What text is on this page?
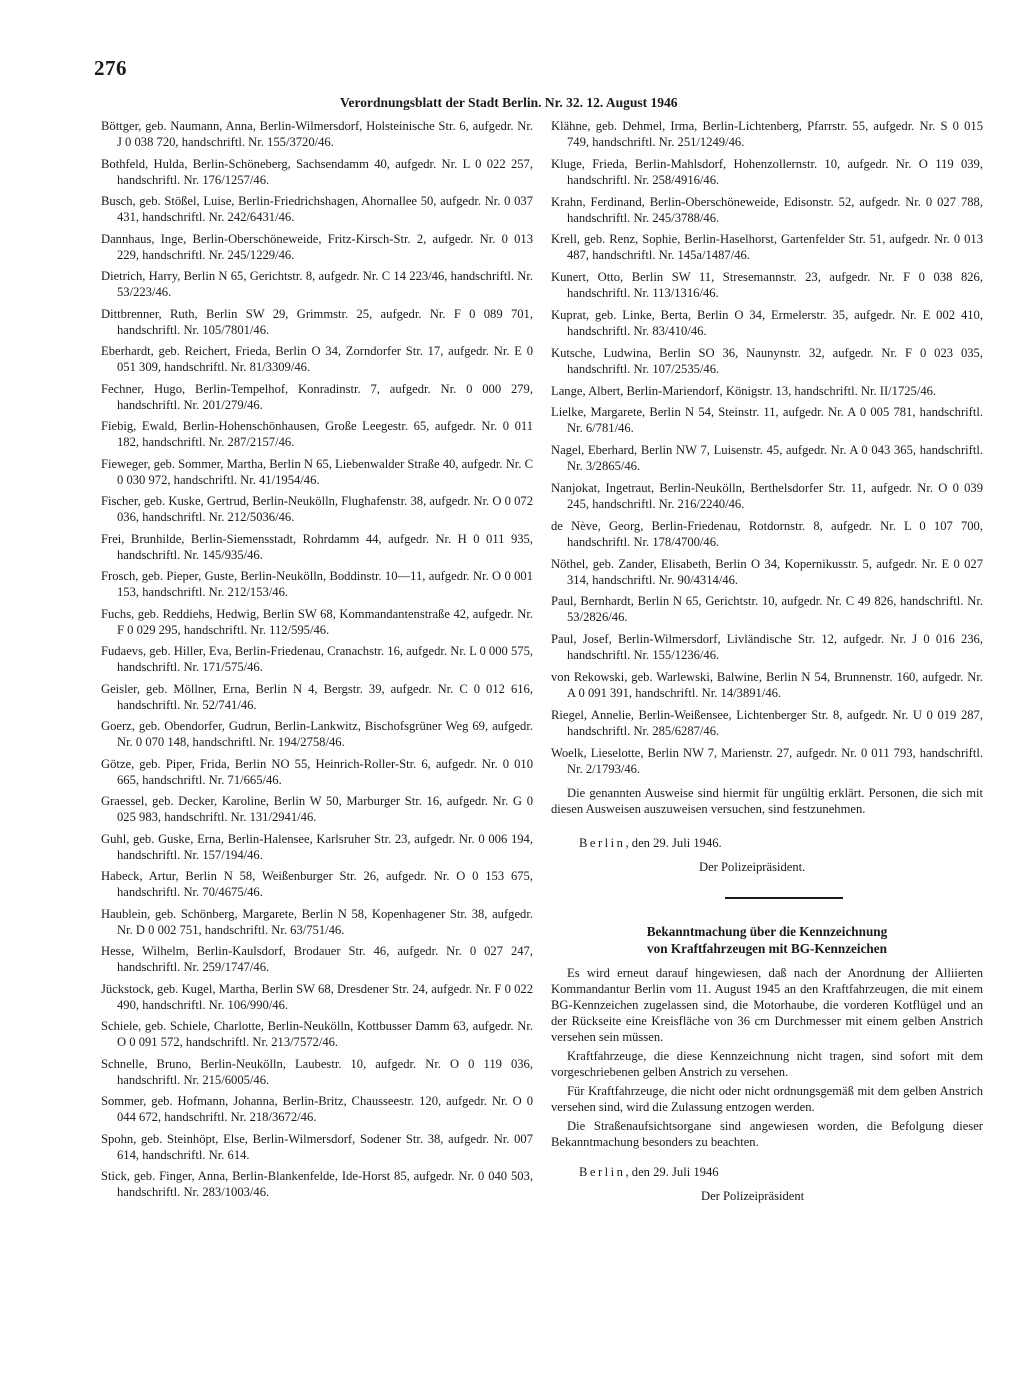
276
Verordnungsblatt der Stadt Berlin. Nr. 32. 12. August 1946

Böttger, geb. Naumann, Anna, Berlin-Wilmersdorf, Holsteinische Str. 6, aufgedr. Nr. J 0 038 720, handschriftl. Nr. 155/3720/46.

Bothfeld, Hulda, Berlin-Schöneberg, Sachsendamm 40, aufgedr. Nr. L 0 022 257, handschriftl. Nr. 176/1257/46.

Busch, geb. Stößel, Luise, Berlin-Friedrichshagen, Ahornallee 50, aufgedr. Nr. 0 037 431, handschriftl. Nr. 242/6431/46.

Dannhaus, Inge, Berlin-Oberschöneweide, Fritz-Kirsch-Str. 2, aufgedr. Nr. 0 013 229, handschriftl. Nr. 245/1229/46.

Dietrich, Harry, Berlin N 65, Gerichtstr. 8, aufgedr. Nr. C 14 223/46, handschriftl. Nr. 53/223/46.

Dittbrenner, Ruth, Berlin SW 29, Grimmstr. 25, aufgedr. Nr. F 0 089 701, handschriftl. Nr. 105/7801/46.

Eberhardt, geb. Reichert, Frieda, Berlin O 34, Zorndorfer Str. 17, aufgedr. Nr. E 0 051 309, handschriftl. Nr. 81/3309/46.

Fechner, Hugo, Berlin-Tempelhof, Konradinstr. 7, aufgedr. Nr. 0 000 279, handschriftl. Nr. 201/279/46.

Fiebig, Ewald, Berlin-Hohenschönhausen, Große Leegestr. 65, aufgedr. Nr. 0 011 182, handschriftl. Nr. 287/2157/46.

Fieweger, geb. Sommer, Martha, Berlin N 65, Liebenwalder Straße 40, aufgedr. Nr. C 0 030 972, handschriftl. Nr. 41/1954/46.

Fischer, geb. Kuske, Gertrud, Berlin-Neukölln, Flughafenstr. 38, aufgedr. Nr. O 0 072 036, handschriftl. Nr. 212/5036/46.

Frei, Brunhilde, Berlin-Siemensstadt, Rohrdamm 44, aufgedr. Nr. H 0 011 935, handschriftl. Nr. 145/935/46.

Frosch, geb. Pieper, Guste, Berlin-Neukölln, Boddinstr. 10—11, aufgedr. Nr. O 0 001 153, handschriftl. Nr. 212/153/46.

Fuchs, geb. Reddiehs, Hedwig, Berlin SW 68, Kommandantenstraße 42, aufgedr. Nr. F 0 029 295, handschriftl. Nr. 112/595/46.

Fudaevs, geb. Hiller, Eva, Berlin-Friedenau, Cranachstr. 16, aufgedr. Nr. L 0 000 575, handschriftl. Nr. 171/575/46.

Geisler, geb. Möllner, Erna, Berlin N 4, Bergstr. 39, aufgedr. Nr. C 0 012 616, handschriftl. Nr. 52/741/46.

Goerz, geb. Obendorfer, Gudrun, Berlin-Lankwitz, Bischofsgrüner Weg 69, aufgedr. Nr. 0 070 148, handschriftl. Nr. 194/2758/46.

Götze, geb. Piper, Frida, Berlin NO 55, Heinrich-Roller-Str. 6, aufgedr. Nr. 0 010 665, handschriftl. Nr. 71/665/46.

Graessel, geb. Decker, Karoline, Berlin W 50, Marburger Str. 16, aufgedr. Nr. G 0 025 983, handschriftl. Nr. 131/2941/46.

Guhl, geb. Guske, Erna, Berlin-Halensee, Karlsruher Str. 23, aufgedr. Nr. 0 006 194, handschriftl. Nr. 157/194/46.

Habeck, Artur, Berlin N 58, Weißenburger Str. 26, aufgedr. Nr. O 0 153 675, handschriftl. Nr. 70/4675/46.

Haublein, geb. Schönberg, Margarete, Berlin N 58, Kopenhagener Str. 38, aufgedr. Nr. D 0 002 751, handschriftl. Nr. 63/751/46.

Hesse, Wilhelm, Berlin-Kaulsdorf, Brodauer Str. 46, aufgedr. Nr. 0 027 247, handschriftl. Nr. 259/1747/46.

Jückstock, geb. Kugel, Martha, Berlin SW 68, Dresdener Str. 24, aufgedr. Nr. F 0 022 490, handschriftl. Nr. 106/990/46.

Schiele, geb. Schiele, Charlotte, Berlin-Neukölln, Kottbusser Damm 63, aufgedr. Nr. O 0 091 572, handschriftl. Nr. 213/7572/46.

Schnelle, Bruno, Berlin-Neukölln, Laubestr. 10, aufgedr. Nr. O 0 119 036, handschriftl. Nr. 215/6005/46.

Sommer, geb. Hofmann, Johanna, Berlin-Britz, Chausseestr. 120, aufgedr. Nr. O 0 044 672, handschriftl. Nr. 218/3672/46.

Spohn, geb. Steinhöpt, Else, Berlin-Wilmersdorf, Sodener Str. 38, aufgedr. Nr. 007 614, handschriftl. Nr. 614.

Stick, geb. Finger, Anna, Berlin-Blankenfelde, Ide-Horst 85, aufgedr. Nr. 0 040 503, handschriftl. Nr. 283/1003/46.

Klähne, geb. Dehmel, Irma, Berlin-Lichtenberg, Pfarrstr. 55, aufgedr. Nr. S 0 015 749, handschriftl. Nr. 251/1249/46.

Kluge, Frieda, Berlin-Mahlsdorf, Hohenzollernstr. 10, aufgedr. Nr. O 119 039, handschriftl. Nr. 258/4916/46.

Krahn, Ferdinand, Berlin-Oberschöneweide, Edisonstr. 52, aufgedr. Nr. 0 027 788, handschriftl. Nr. 245/3788/46.

Krell, geb. Renz, Sophie, Berlin-Haselhorst, Gartenfelder Str. 51, aufgedr. Nr. 0 013 487, handschriftl. Nr. 145a/1487/46.

Kunert, Otto, Berlin SW 11, Stresemannstr. 23, aufgedr. Nr. F 0 038 826, handschriftl. Nr. 113/1316/46.

Kuprat, geb. Linke, Berta, Berlin O 34, Ermelerstr. 35, aufgedr. Nr. E 002 410, handschriftl. Nr. 83/410/46.

Kutsche, Ludwina, Berlin SO 36, Naunynstr. 32, aufgedr. Nr. F 0 023 035, handschriftl. Nr. 107/2535/46.

Lange, Albert, Berlin-Mariendorf, Königstr. 13, handschriftl. Nr. II/1725/46.

Lielke, Margarete, Berlin N 54, Steinstr. 11, aufgedr. Nr. A 0 005 781, handschriftl. Nr. 6/781/46.

Nagel, Eberhard, Berlin NW 7, Luisenstr. 45, aufgedr. Nr. A 0 043 365, handschriftl. Nr. 3/2865/46.

Nanjokat, Ingetraut, Berlin-Neukölln, Berthelsdorfer Str. 11, aufgedr. Nr. O 0 039 245, handschriftl. Nr. 216/2240/46.

de Nève, Georg, Berlin-Friedenau, Rotdornstr. 8, aufgedr. Nr. L 0 107 700, handschriftl. Nr. 178/4700/46.

Nöthel, geb. Zander, Elisabeth, Berlin O 34, Kopernikusstr. 5, aufgedr. Nr. E 0 027 314, handschriftl. Nr. 90/4314/46.

Paul, Bernhardt, Berlin N 65, Gerichtstr. 10, aufgedr. Nr. C 49 826, handschriftl. Nr. 53/2826/46.

Paul, Josef, Berlin-Wilmersdorf, Livländische Str. 12, aufgedr. Nr. J 0 016 236, handschriftl. Nr. 155/1236/46.

von Rekowski, geb. Warlewski, Balwine, Berlin N 54, Brunnenstr. 160, aufgedr. Nr. A 0 091 391, handschriftl. Nr. 14/3891/46.

Riegel, Annelie, Berlin-Weißensee, Lichtenberger Str. 8, aufgedr. Nr. U 0 019 287, handschriftl. Nr. 285/6287/46.

Woelk, Lieselotte, Berlin NW 7, Marienstr. 27, aufgedr. Nr. 0 011 793, handschriftl. Nr. 2/1793/46.

Die genannten Ausweise sind hiermit für ungültig erklärt. Personen, die sich mit diesen Ausweisen auszuweisen versuchen, sind festzunehmen.

Berlin, den 29. Juli 1946.
Der Polizeipräsident.
Bekanntmachung über die Kennzeichnung
von Kraftfahrzeugen mit BG-Kennzeichen

Es wird erneut darauf hingewiesen, daß nach der Anordnung der Alliierten Kommandantur Berlin vom 11. August 1945 an den Kraftfahrzeugen, die mit einem BG-Kennzeichen zugelassen sind, die Motorhaube, die vorderen Kotflügel und an der Rückseite eine Kreisfläche von 36 cm Durchmesser mit einem gelben Anstrich versehen sein müssen.

Kraftfahrzeuge, die diese Kennzeichnung nicht tragen, sind sofort mit dem vorgeschriebenen gelben Anstrich zu versehen.

Für Kraftfahrzeuge, die nicht oder nicht ordnungsgemäß mit dem gelben Anstrich versehen sind, wird die Zulassung entzogen werden.

Die Straßenaufsichtsorgane sind angewiesen worden, die Befolgung dieser Bekanntmachung besonders zu beachten.

Berlin, den 29. Juli 1946
Der Polizeipräsident
